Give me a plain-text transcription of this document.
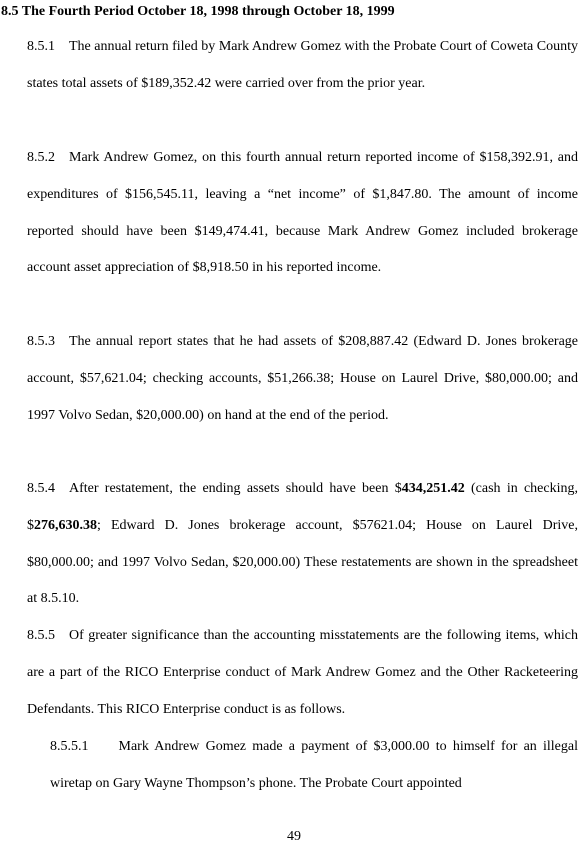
8.5 The Fourth Period October 18, 1998 through October 18, 1999

8.5.1 The annual return filed by Mark Andrew Gomez with the Probate Court of Coweta County states total assets of $189,352.42 were carried over from the prior year.

8.5.2 Mark Andrew Gomez, on this fourth annual return reported income of $158,392.91, and expenditures of $156,545.11, leaving a “net income” of $1,847.80. The amount of income reported should have been $149,474.41, because Mark Andrew Gomez included brokerage account asset appreciation of $8,918.50 in his reported income.

8.5.3 The annual report states that he had assets of $208,887.42 (Edward D. Jones brokerage account, $57,621.04; checking accounts, $51,266.38; House on Laurel Drive, $80,000.00; and 1997 Volvo Sedan, $20,000.00) on hand at the end of the period.

8.5.4 After restatement, the ending assets should have been $434,251.42 (cash in checking, $276,630.38; Edward D. Jones brokerage account, $57621.04; House on Laurel Drive, $80,000.00; and 1997 Volvo Sedan, $20,000.00) These restatements are shown in the spreadsheet at 8.5.10.

8.5.5 Of greater significance than the accounting misstatements are the following items, which are a part of the RICO Enterprise conduct of Mark Andrew Gomez and the Other Racketeering Defendants. This RICO Enterprise conduct is as follows.

8.5.5.1 Mark Andrew Gomez made a payment of $3,000.00 to himself for an illegal wiretap on Gary Wayne Thompson’s phone. The Probate Court appointed

49
